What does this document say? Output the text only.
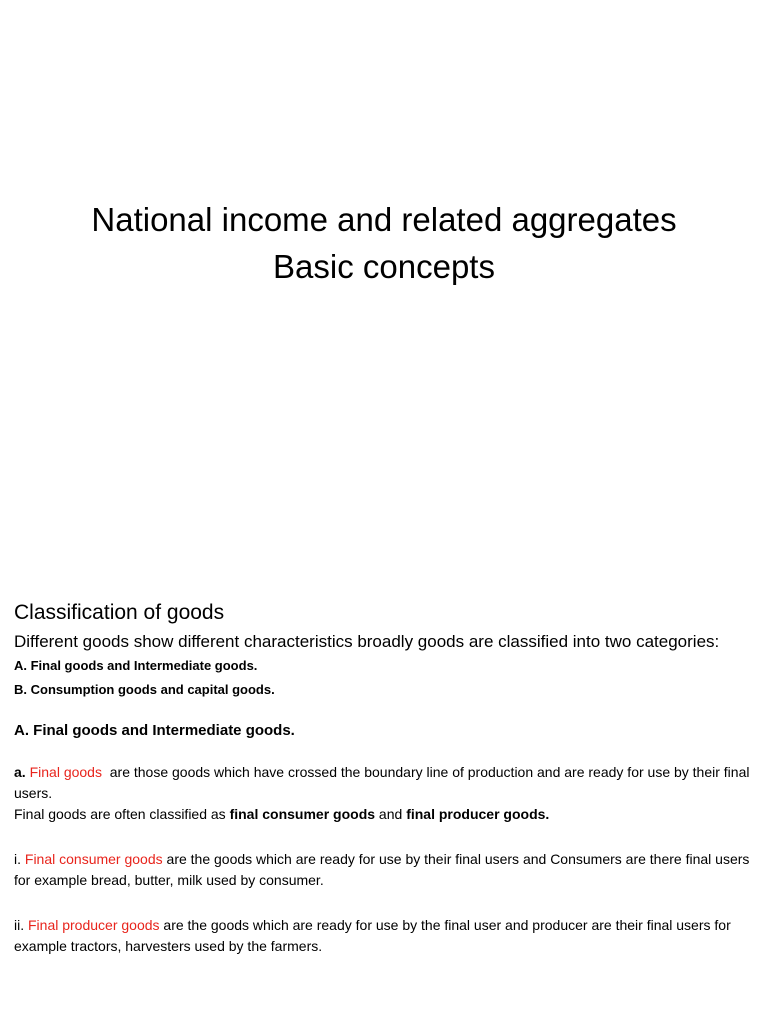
National income and related aggregates
Basic concepts

Classification of goods

Different goods show different characteristics broadly goods are classified into two categories:

A. Final goods and Intermediate goods.

B. Consumption goods and capital goods.

A. Final goods and Intermediate goods.

a. Final goods  are those goods which have crossed the boundary line of production and are ready for use by their final users.

Final goods are often classified as final consumer goods and final producer goods.

i. Final consumer goods are the goods which are ready for use by their final users and Consumers are there final users for example bread, butter, milk used by consumer.

ii. Final producer goods are the goods which are ready for use by the final user and producer are their final users for example tractors, harvesters used by the farmers.
